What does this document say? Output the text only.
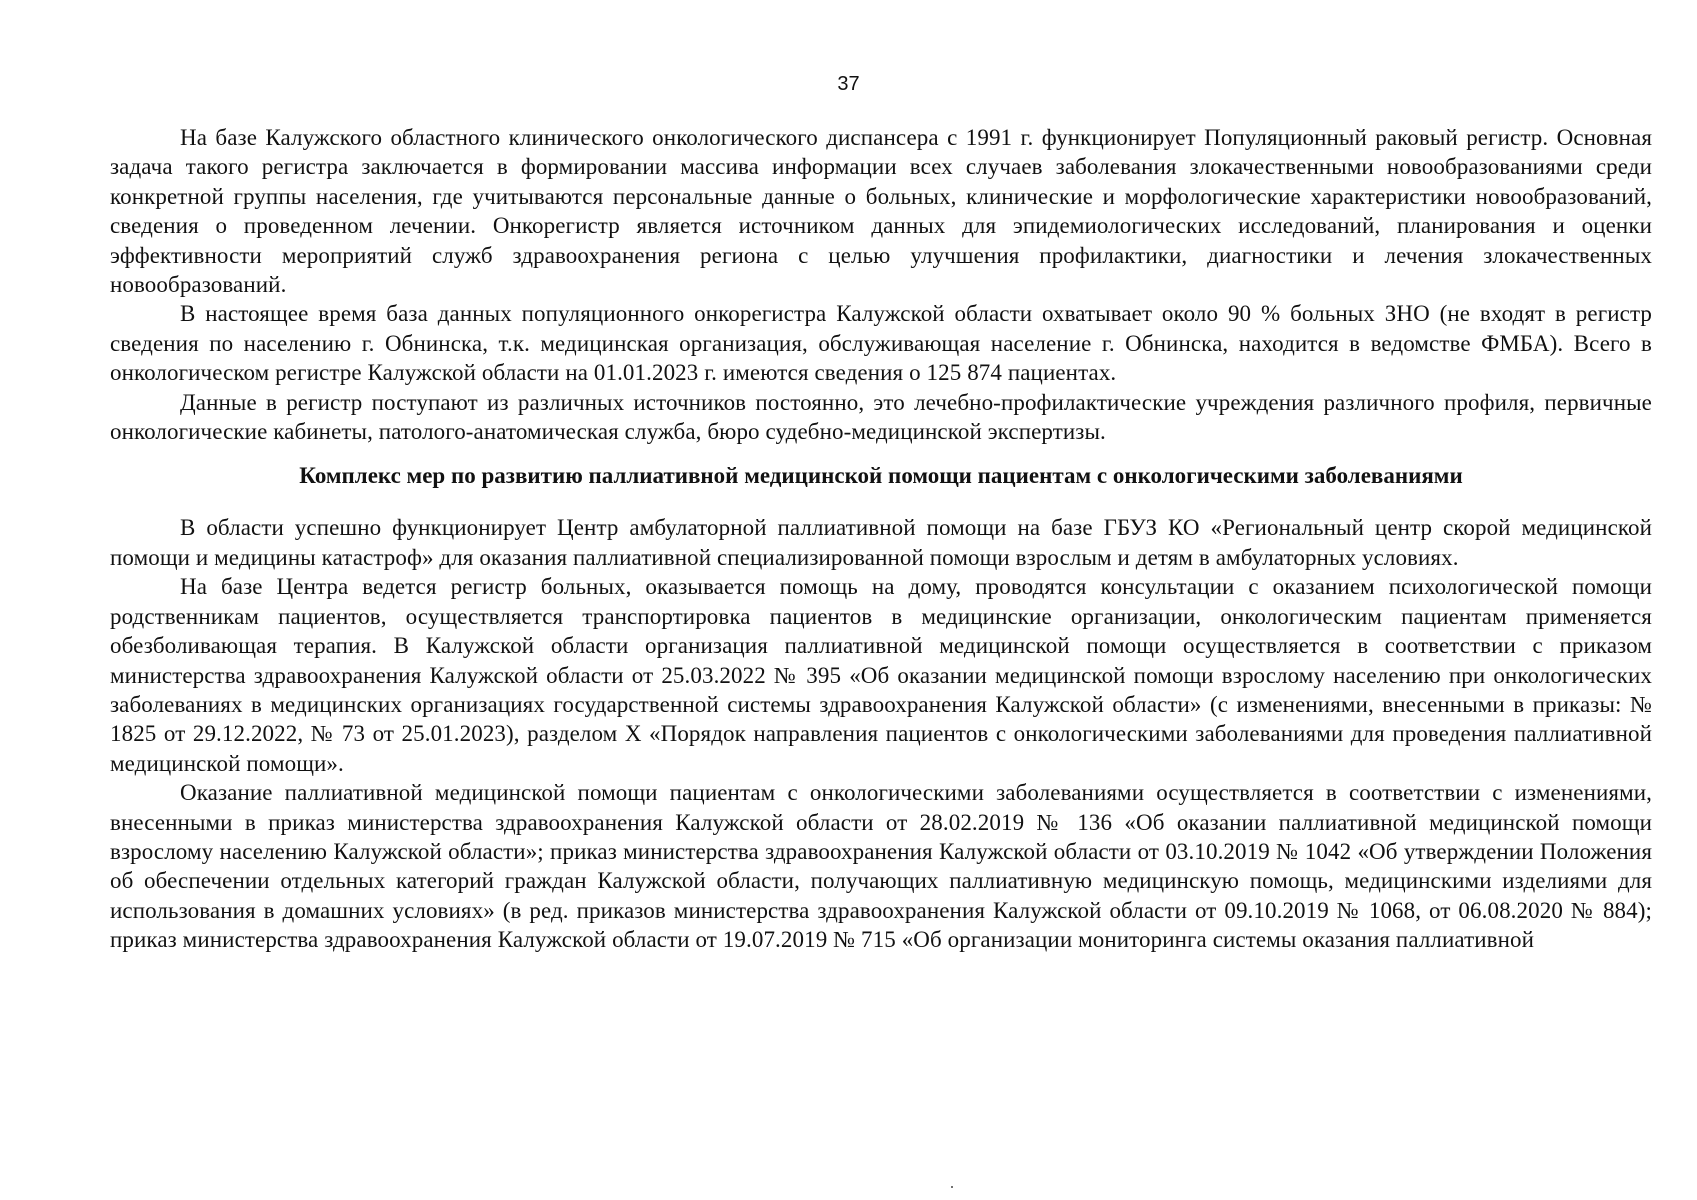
37

На базе Калужского областного клинического онкологического диспансера с 1991 г. функционирует Популяционный раковый регистр. Основная задача такого регистра заключается в формировании массива информации всех случаев заболевания злокачественными новообразованиями среди конкретной группы населения, где учитываются персональные данные о больных, клинические и морфологические характеристики новообразований, сведения о проведенном лечении. Онкорегистр является источником данных для эпидемиологических исследований, планирования и оценки эффективности мероприятий служб здравоохранения региона с целью улучшения профилактики, диагностики и лечения злокачественных новообразований.

В настоящее время база данных популяционного онкорегистра Калужской области охватывает около 90 % больных ЗНО (не входят в регистр сведения по населению г. Обнинска, т.к. медицинская организация, обслуживающая население г. Обнинска, находится в ведомстве ФМБА). Всего в онкологическом регистре Калужской области на 01.01.2023 г. имеются сведения о 125 874 пациентах.

Данные в регистр поступают из различных источников постоянно, это лечебно-профилактические учреждения различного профиля, первичные онкологические кабинеты, патолого-анатомическая служба, бюро судебно-медицинской экспертизы.

Комплекс мер по развитию паллиативной медицинской помощи пациентам с онкологическими заболеваниями

В области успешно функционирует Центр амбулаторной паллиативной помощи на базе ГБУЗ КО «Региональный центр скорой медицинской помощи и медицины катастроф» для оказания паллиативной специализированной помощи взрослым и детям в амбулаторных условиях.

На базе Центра ведется регистр больных, оказывается помощь на дому, проводятся консультации с оказанием психологической помощи родственникам пациентов, осуществляется транспортировка пациентов в медицинские организации, онкологическим пациентам применяется обезболивающая терапия. В Калужской области организация паллиативной медицинской помощи осуществляется в соответствии с приказом министерства здравоохранения Калужской области от 25.03.2022 № 395 «Об оказании медицинской помощи взрослому населению при онкологических заболеваниях в медицинских организациях государственной системы здравоохранения Калужской области» (с изменениями, внесенными в приказы: № 1825 от 29.12.2022, № 73 от 25.01.2023), разделом X «Порядок направления пациентов с онкологическими заболеваниями для проведения паллиативной медицинской помощи».

Оказание паллиативной медицинской помощи пациентам с онкологическими заболеваниями осуществляется в соответствии с изменениями, внесенными в приказ министерства здравоохранения Калужской области от 28.02.2019 № 136 «Об оказании паллиативной медицинской помощи взрослому населению Калужской области»; приказ министерства здравоохранения Калужской области от 03.10.2019 № 1042 «Об утверждении Положения об обеспечении отдельных категорий граждан Калужской области, получающих паллиативную медицинскую помощь, медицинскими изделиями для использования в домашних условиях» (в ред. приказов министерства здравоохранения Калужской области от 09.10.2019 № 1068, от 06.08.2020 № 884); приказ министерства здравоохранения Калужской области от 19.07.2019 № 715 «Об организации мониторинга системы оказания паллиативной
